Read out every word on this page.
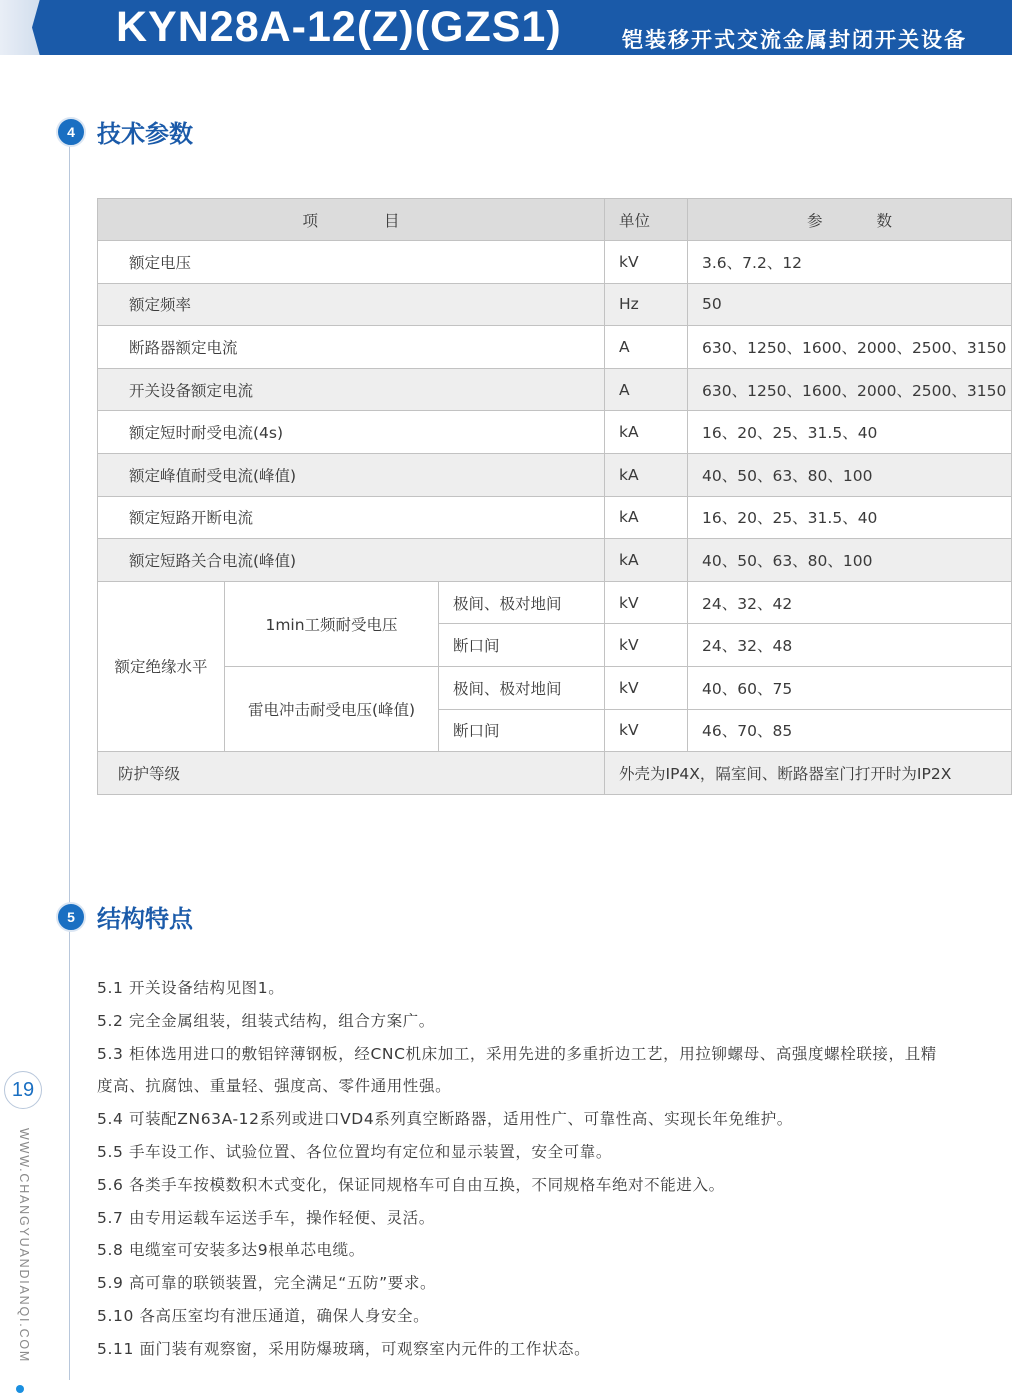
KYN28A-12(Z)(GZS1)	铠装移开式交流金属封闭开关设备
4 技术参数
项 目			单位	参 数
额定电压			kV	3.6、7.2、12
额定频率			Hz	50
断路器额定电流			A	630、1250、1600、2000、2500、3150
开关设备额定电流			A	630、1250、1600、2000、2500、3150
额定短时耐受电流(4s)			kA	16、20、25、31.5、40
额定峰值耐受电流(峰值)			kA	40、50、63、80、100
额定短路开断电流			kA	16、20、25、31.5、40
额定短路关合电流(峰值)			kA	40、50、63、80、100
额定绝缘水平	1min工频耐受电压	极间、极对地间	kV	24、32、42
		断口间	kV	24、32、48
	雷电冲击耐受电压(峰值)	极间、极对地间	kV	40、60、75
		断口间	kV	46、70、85
防护等级			外壳为IP4X，隔室间、断路器室门打开时为IP2X	
5 结构特点

5.1 开关设备结构见图1。

5.2 完全金属组装，组装式结构，组合方案广。

5.3 柜体选用进口的敷铝锌薄钢板，经CNC机床加工，采用先进的多重折边工艺，用拉铆螺母、高强度螺栓联接，且精

度高、抗腐蚀、重量轻、强度高、零件通用性强。

5.4 可装配ZN63A-12系列或进口VD4系列真空断路器，适用性广、可靠性高、实现长年免维护。

5.5 手车设工作、试验位置、各位位置均有定位和显示装置，安全可靠。

5.6 各类手车按模数积木式变化，保证同规格车可自由互换，不同规格车绝对不能进入。

5.7 由专用运载车运送手车，操作轻便、灵活。

5.8 电缆室可安装多达9根单芯电缆。

5.9 高可靠的联锁装置，完全满足“五防”要求。

5.10 各高压室均有泄压通道，确保人身安全。

5.11 面门装有观察窗，采用防爆玻璃，可观察室内元件的工作状态。

19
WWW.CHANGYUANDIANQI.COM
